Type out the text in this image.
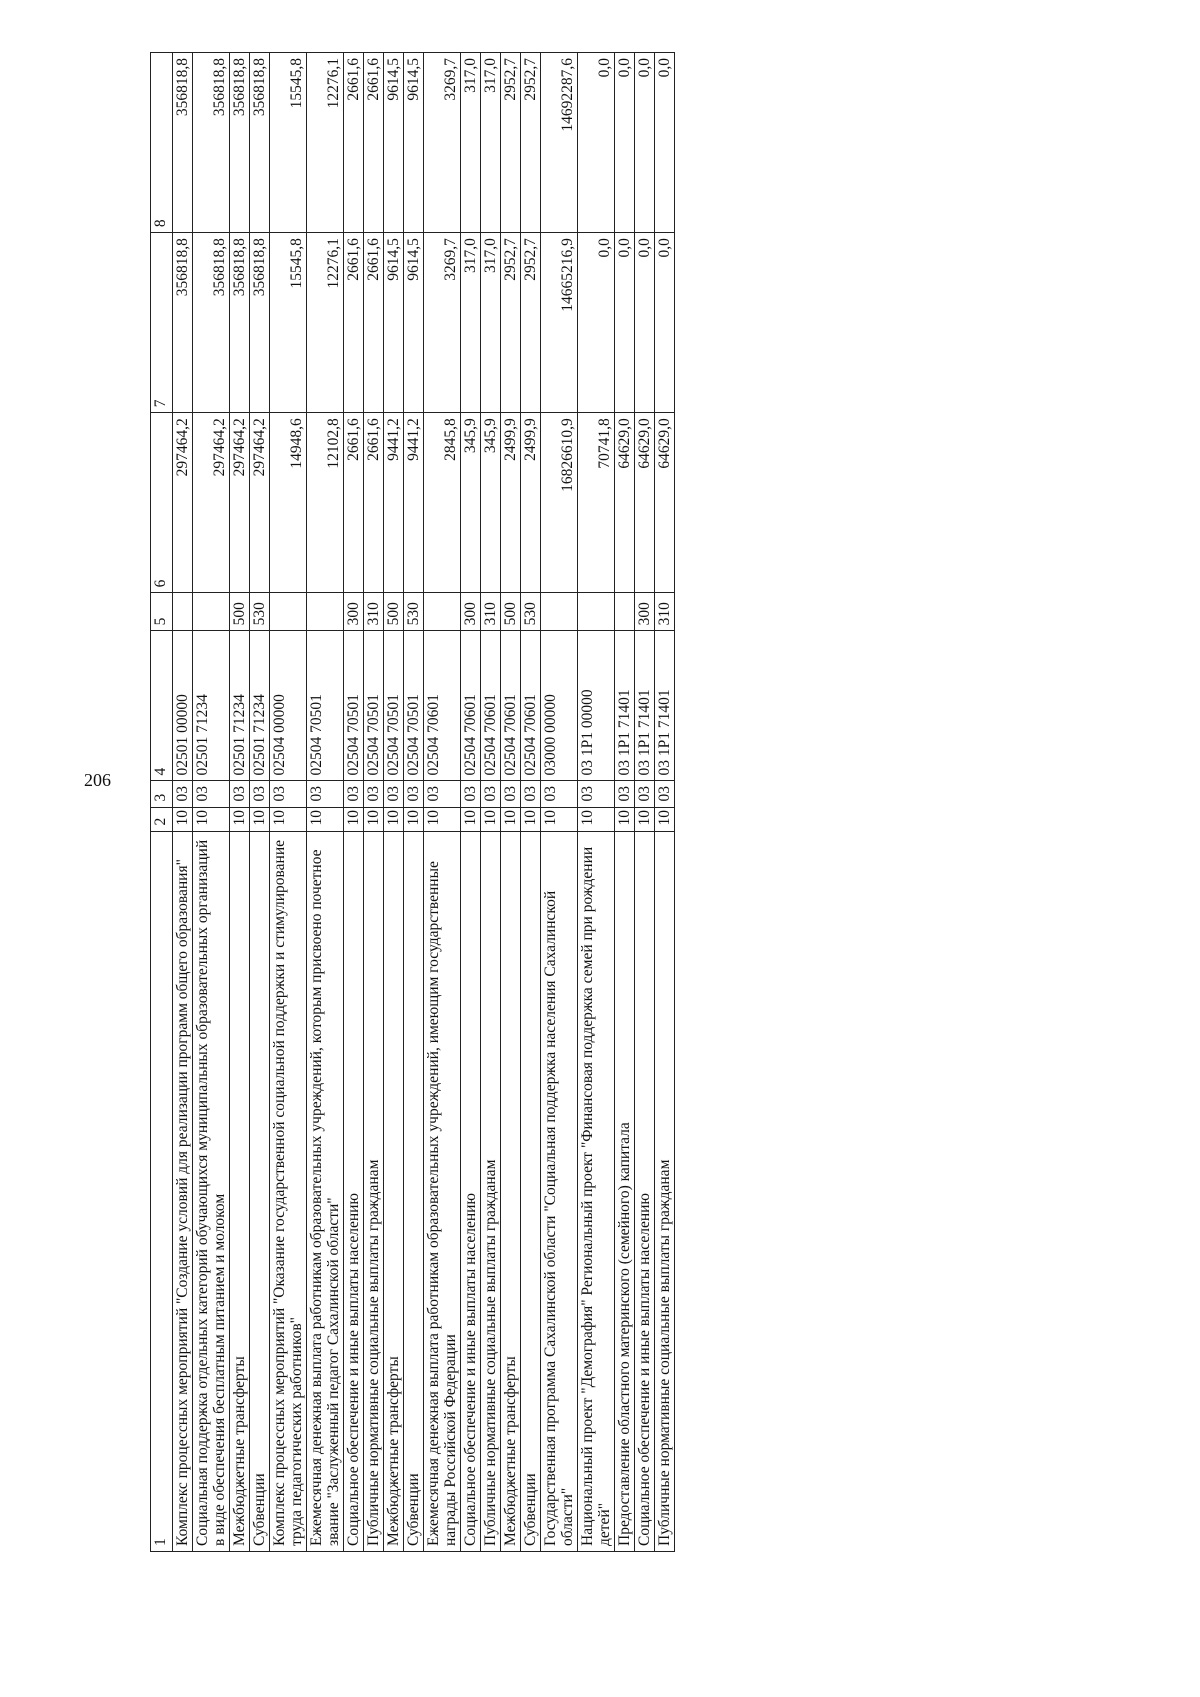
206
1	2	3	4	5	6	7	8
Комплекс процессных мероприятий "Создание условий для реализации программ общего образования"	10	03	02501 00000		297464,2	356818,8	356818,8
Социальная поддержка отдельных категорий обучающихся муниципальных образовательных организаций в виде обеспечения бесплатным питанием и молоком	10	03	02501 71234		297464,2	356818,8	356818,8
Межбюджетные трансферты	10	03	02501 71234	500	297464,2	356818,8	356818,8
Субвенции	10	03	02501 71234	530	297464,2	356818,8	356818,8
Комплекс процессных мероприятий "Оказание государственной социальной поддержки и стимулирование труда педагогических работников"	10	03	02504 00000		14948,6	15545,8	15545,8
Ежемесячная денежная выплата работникам образовательных учреждений, которым присвоено почетное звание "Заслуженный педагог Сахалинской области"	10	03	02504 70501		12102,8	12276,1	12276,1
Социальное обеспечение и иные выплаты населению	10	03	02504 70501	300	2661,6	2661,6	2661,6
Публичные нормативные социальные выплаты гражданам	10	03	02504 70501	310	2661,6	2661,6	2661,6
Межбюджетные трансферты	10	03	02504 70501	500	9441,2	9614,5	9614,5
Субвенции	10	03	02504 70501	530	9441,2	9614,5	9614,5
Ежемесячная денежная выплата работникам образовательных учреждений, имеющим государственные награды Российской Федерации	10	03	02504 70601		2845,8	3269,7	3269,7
Социальное обеспечение и иные выплаты населению	10	03	02504 70601	300	345,9	317,0	317,0
Публичные нормативные социальные выплаты гражданам	10	03	02504 70601	310	345,9	317,0	317,0
Межбюджетные трансферты	10	03	02504 70601	500	2499,9	2952,7	2952,7
Субвенции	10	03	02504 70601	530	2499,9	2952,7	2952,7
Государственная программа Сахалинской области "Социальная поддержка населения Сахалинской области"	10	03	03000 00000		16826610,9	14665216,9	14692287,6
Национальный проект "Демография" Региональный проект "Финансовая поддержка семей при рождении детей"	10	03	03 1Р1 00000		70741,8	0,0	0,0
Предоставление областного материнского (семейного) капитала	10	03	03 1Р1 71401		64629,0	0,0	0,0
Социальное обеспечение и иные выплаты населению	10	03	03 1Р1 71401	300	64629,0	0,0	0,0
Публичные нормативные социальные выплаты гражданам	10	03	03 1Р1 71401	310	64629,0	0,0	0,0
